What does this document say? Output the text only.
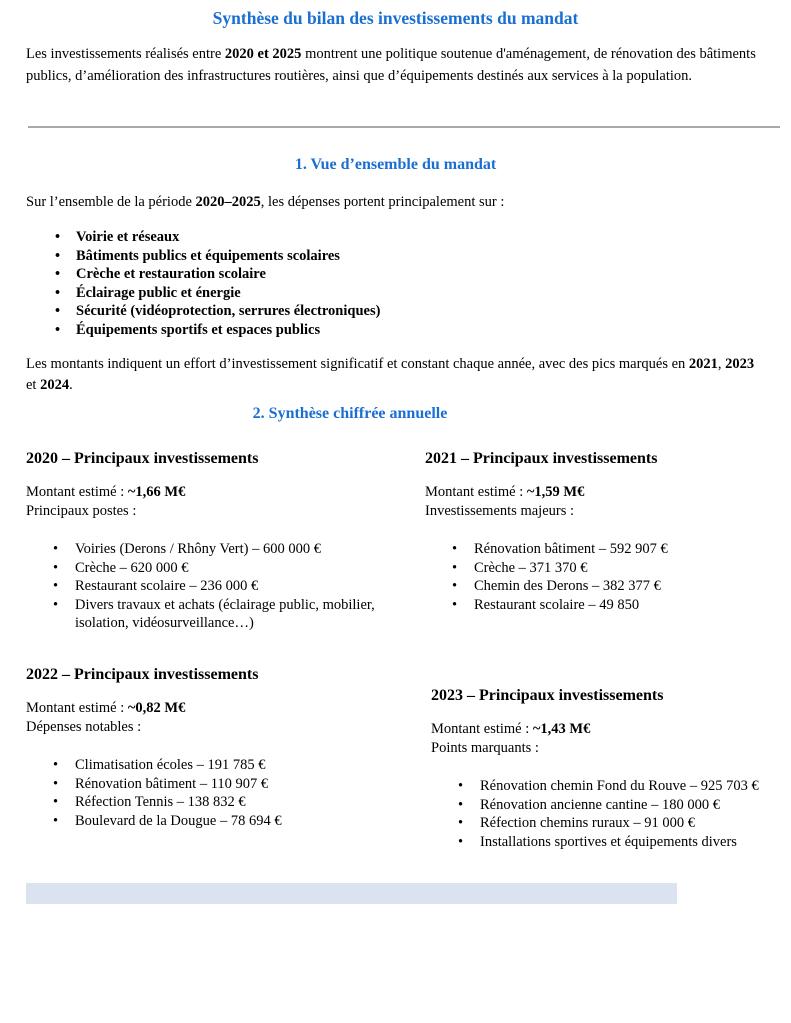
Synthèse du bilan des investissements du mandat

Les investissements réalisés entre 2020 et 2025 montrent une politique soutenue d'aménagement, de rénovation des bâtiments publics, d’amélioration des infrastructures routières, ainsi que d’équipements destinés aux services à la population.

1. Vue d’ensemble du mandat

Sur l’ensemble de la période 2020–2025, les dépenses portent principalement sur :

• Voirie et réseaux
• Bâtiments publics et équipements scolaires
• Crèche et restauration scolaire
• Éclairage public et énergie
• Sécurité (vidéoprotection, serrures électroniques)
• Équipements sportifs et espaces publics

Les montants indiquent un effort d’investissement significatif et constant chaque année, avec des pics marqués en 2021, 2023 et 2024.

2. Synthèse chiffrée annuelle
2020 – Principaux investissements
Montant estimé : ~1,66 M€
Principaux postes :
• Voiries (Derons / Rhôny Vert) – 600 000 €
• Crèche – 620 000 €
• Restaurant scolaire – 236 000 €
• Divers travaux et achats (éclairage public, mobilier, isolation, vidéosurveillance…)
2021 – Principaux investissements
Montant estimé : ~1,59 M€
Investissements majeurs :
• Rénovation bâtiment – 592 907 €
• Crèche – 371 370 €
• Chemin des Derons – 382 377 €
• Restaurant scolaire – 49 850
2022 – Principaux investissements
Montant estimé : ~0,82 M€
Dépenses notables :
• Climatisation écoles – 191 785 €
• Rénovation bâtiment – 110 907 €
• Réfection Tennis – 138 832 €
• Boulevard de la Dougue – 78 694 €
2023 – Principaux investissements
Montant estimé : ~1,43 M€
Points marquants :
• Rénovation chemin Fond du Rouve – 925 703 €
• Rénovation ancienne cantine – 180 000 €
• Réfection chemins ruraux – 91 000 €
• Installations sportives et équipements divers
